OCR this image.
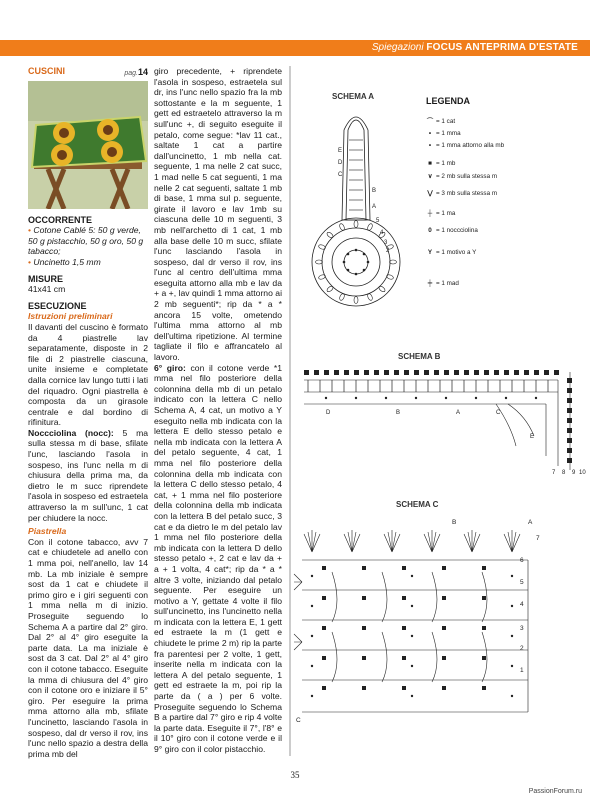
Spiegazioni FOCUS ANTEPRIMA D'ESTATE
CUSCINI	pag.14
OCCORRENTE

• Cotone Cablé 5: 50 g verde, 50 g pistacchio, 50 g oro, 50 g tabacco;

• Uncinetto 1,5 mm

MISURE

41x41 cm

ESECUZIONE
Istruzioni preliminari

Il davanti del cuscino è formato da 4 piastrelle lav separatamente, disposte in 2 file di 2 piastrelle ciascuna, unite insieme e completate dalla cornice lav lungo tutti i lati del riquadro. Ogni piastrella è composta da un girasole centrale e dal bordino di rifinitura.

Noccciolina (nocc): 5 ma sulla stessa m di base, sfilate l'unc, lasciando l'asola in sospeso, ins l'unc nella m di chiusura della prima ma, da dietro le m succ riprendete l'asola in sospeso ed estraetela attraverso la m sull'unc, 1 cat per chiudere la nocc.

Piastrella

Con il cotone tabacco, avv 7 cat e chiudetele ad anello con 1 mma poi, nell'anello, lav 14 mb. La mb iniziale è sempre sost da 1 cat e chiudete il primo giro e i giri seguenti con 1 mma nella m di inizio. Proseguite seguendo lo Schema A a partire dal 2° giro. Dal 2° al 4° giro eseguite la parte data. La ma iniziale è sost da 3 cat. Dal 2° al 4° giro con il cotone tabacco. Eseguite la mma di chiusura del 4° giro con il cotone oro e iniziare il 5° giro. Per eseguire la prima mma attorno alla mb, sfilate l'uncinetto, lasciando l'asola in sospeso, dal dr verso il rov, ins l'unc nello spazio a destra della prima mb del

giro precedente, + riprendete l'asola in sospeso, estraetela sul dr, ins l'unc nello spazio fra la mb sottostante e la m seguente, 1 gett ed estraetelo attraverso la m sull'unc +, di seguito eseguite il petalo, come segue: *lav 11 cat., saltate 1 cat a partire dall'uncinetto, 1 mb nella cat. seguente, 1 ma nelle 2 cat succ, 1 mad nelle 5 cat seguenti, 1 ma nelle 2 cat seguenti, saltate 1 mb di base, 1 mma sul p. seguente, girate il lavoro e lav 1mb su ciascuna delle 10 m seguenti, 3 mb nell'archetto di 1 cat, 1 mb alla base delle 10 m succ, sfilate l'unc lasciando l'asola in sospeso, dal dr verso il rov, ins l'unc al centro dell'ultima mma eseguita attorno alla mb e lav da + a +, lav quindi 1 mma attorno ai 2 mb seguenti*; rip da * a * ancora 15 volte, ometendo l'ultima mma attorno al mb dell'ultima ripetizione. Al termine tagliate il filo e affrancatelo al lavoro.

6° giro: con il cotone verde *1 mma nel filo posteriore della colonnina della mb di un petalo indicato con la lettera C nello Schema A, 4 cat, un motivo a Y eseguito nella mb indicata con la lettera E dello stesso petalo e nella mb indicata con la lettera A del petalo seguente, 4 cat, 1 mma nel filo posteriore della colonnina della mb indicata con la lettera C dello stesso petalo, 4 cat, + 1 mma nel filo posteriore della colonnina della mb indicata con la lettera B del petalo succ, 3 cat e da dietro le m del petalo lav 1 mma nel filo posteriore della mb indicata con la lettera D dello stesso petalo +, 2 cat e lav da + a + 1 volta, 4 cat*; rip da * a * altre 3 volte, iniziando dal petalo seguente. Per eseguire un motivo a Y, gettate 4 volte il filo sull'uncinetto, ins l'uncinetto nella m indicata con la lettera E, 1 gett ed estraete la m (1 gett e chiudete le prime 2 m) rip la parte fra parentesi per 2 volte, 1 gett, inserite nella m indicata con la lettera A del petalo seguente, 1 gett ed estraete la m, poi rip la parte da ( a ) per 6 volte. Proseguite seguendo lo Schema B a partire dal 7° giro e rip 4 volte la parte data. Eseguite il 7°, l'8° e il 10° giro con il cotone verde e il 9° giro con il color pistacchio.

SCHEMA A
E
D
C
B
A
5
4
3
2
LEGENDA
⌒ = 1 cat
• = 1 mma
• = 1 mma attorno alla mb
■ = 1 mb
∨ = 2 mb sulla stessa m
⋁ = 3 mb sulla stessa m
┼ = 1 ma
0 = 1 noccciolina
Y = 1 motivo a Y
╪ = 1 mad
SCHEMA B
D	B	A	C
E
7 8 9 10
SCHEMA C
B	A
C
7
6
5
4
3
2
1
35
PassionForum.ru
